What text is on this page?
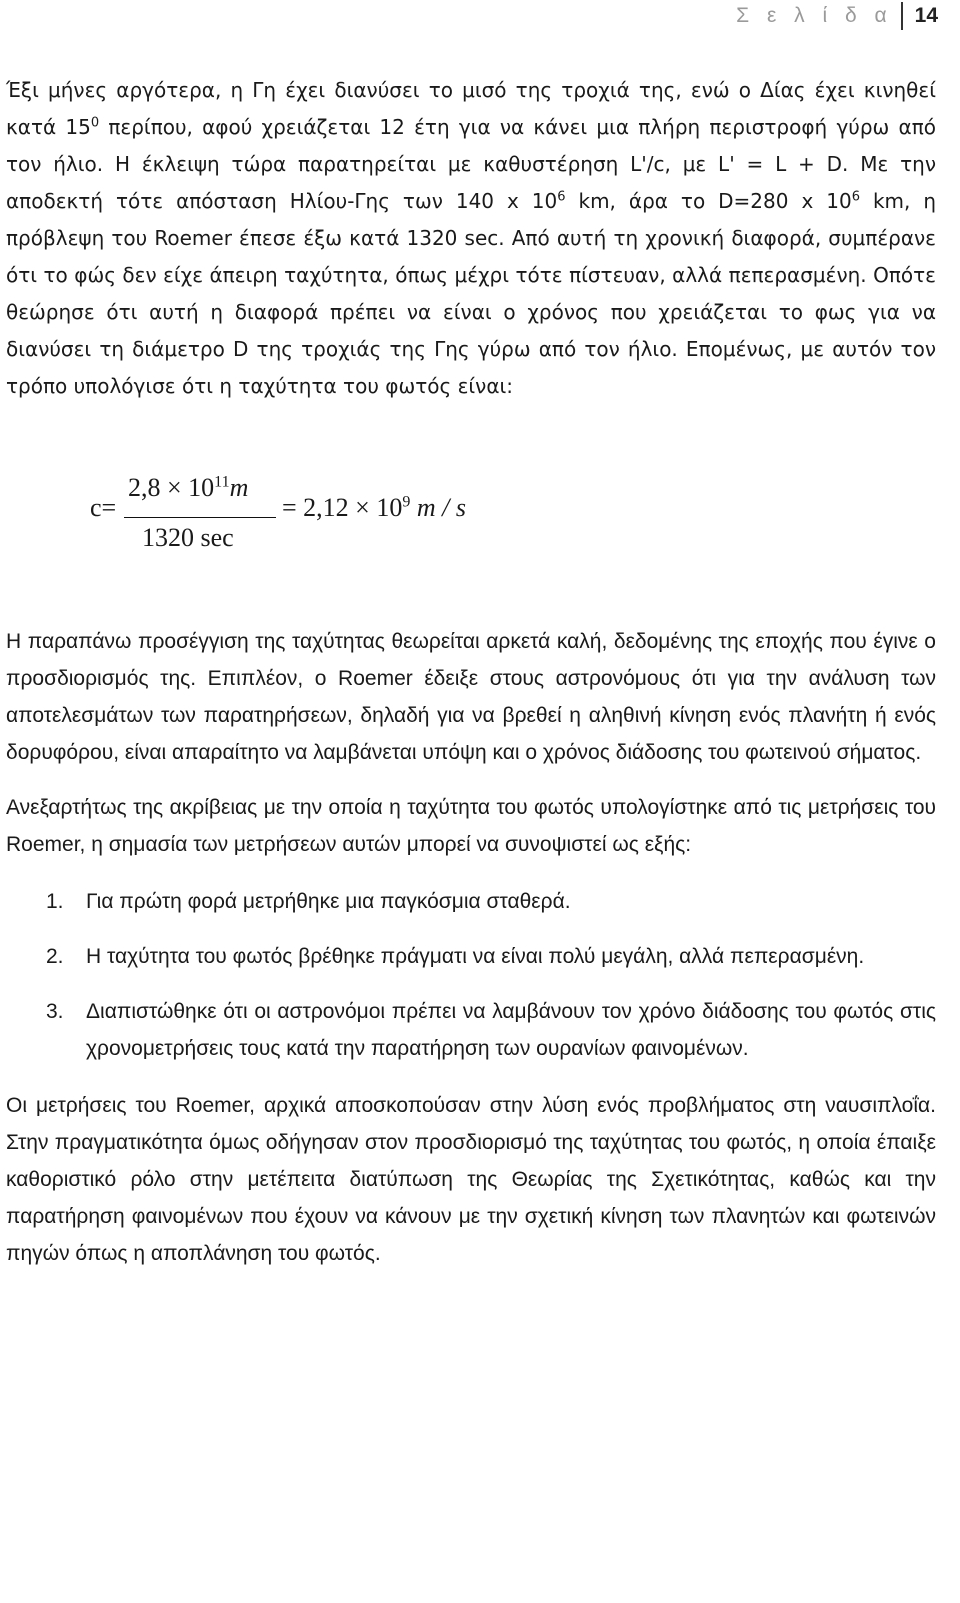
Σ ε λ ί δ α	14

Έξι μήνες αργότερα, η Γη έχει διανύσει το μισό της τροχιά της, ενώ ο Δίας έχει κινηθεί κατά $15^0$ περίπου, αφού χρειάζεται 12 έτη για να κάνει μια πλήρη περιστροφή γύρω από τον ήλιο. Η έκλειψη τώρα παρατηρείται με καθυστέρηση L'/c, με L' = L + D. Με την αποδεκτή τότε απόσταση Ηλίου-Γης των 140 x $10^6$ km, άρα το D=280 x $10^6$ km, η πρόβλεψη του Roemer έπεσε έξω κατά 1320 sec. Από αυτή τη χρονική διαφορά, συμπέρανε ότι το φώς δεν είχε άπειρη ταχύτητα, όπως μέχρι τότε πίστευαν, αλλά πεπερασμένη. Οπότε θεώρησε ότι αυτή η διαφορά πρέπει να είναι ο χρόνος που χρειάζεται το φως για να διανύσει τη διάμετρο D της τροχιάς της Γης γύρω από τον ήλιο. Επομένως, με αυτόν τον τρόπο υπολόγισε ότι η ταχύτητα του φωτός είναι:

c=
$2,8 \times 10^{11}m$
1320 sec
= $2,12 \times 10^9$ m / s

Η παραπάνω προσέγγιση της ταχύτητας θεωρείται αρκετά καλή, δεδομένης της εποχής που έγινε ο προσδιορισμός της. Επιπλέον, ο Roemer έδειξε στους αστρονόμους ότι για την ανάλυση των αποτελεσμάτων των παρατηρήσεων, δηλαδή για να βρεθεί η αληθινή κίνηση ενός πλανήτη ή ενός δορυφόρου, είναι απαραίτητο να λαμβάνεται υπόψη και ο χρόνος διάδοσης του φωτεινού σήματος.

Ανεξαρτήτως της ακρίβειας με την οποία η ταχύτητα του φωτός υπολογίστηκε από τις μετρήσεις του Roemer, η σημασία των μετρήσεων αυτών μπορεί να συνοψιστεί ως εξής:

1.	Για πρώτη φορά μετρήθηκε μια παγκόσμια σταθερά.
2.	Η ταχύτητα του φωτός βρέθηκε πράγματι να είναι πολύ μεγάλη, αλλά πεπερασμένη.
3.	Διαπιστώθηκε ότι οι αστρονόμοι πρέπει να λαμβάνουν τον χρόνο διάδοσης του φωτός στις χρονομετρήσεις τους κατά την παρατήρηση των ουρανίων φαινομένων.

Οι μετρήσεις του Roemer, αρχικά αποσκοπούσαν στην λύση ενός προβλήματος στη ναυσιπλοΐα. Στην πραγματικότητα όμως οδήγησαν στον προσδιορισμό της ταχύτητας του φωτός, η οποία έπαιξε καθοριστικό ρόλο στην μετέπειτα διατύπωση της Θεωρίας της Σχετικότητας, καθώς και την παρατήρηση φαινομένων που έχουν να κάνουν με την σχετική κίνηση των πλανητών και φωτεινών πηγών όπως η αποπλάνηση του φωτός.
